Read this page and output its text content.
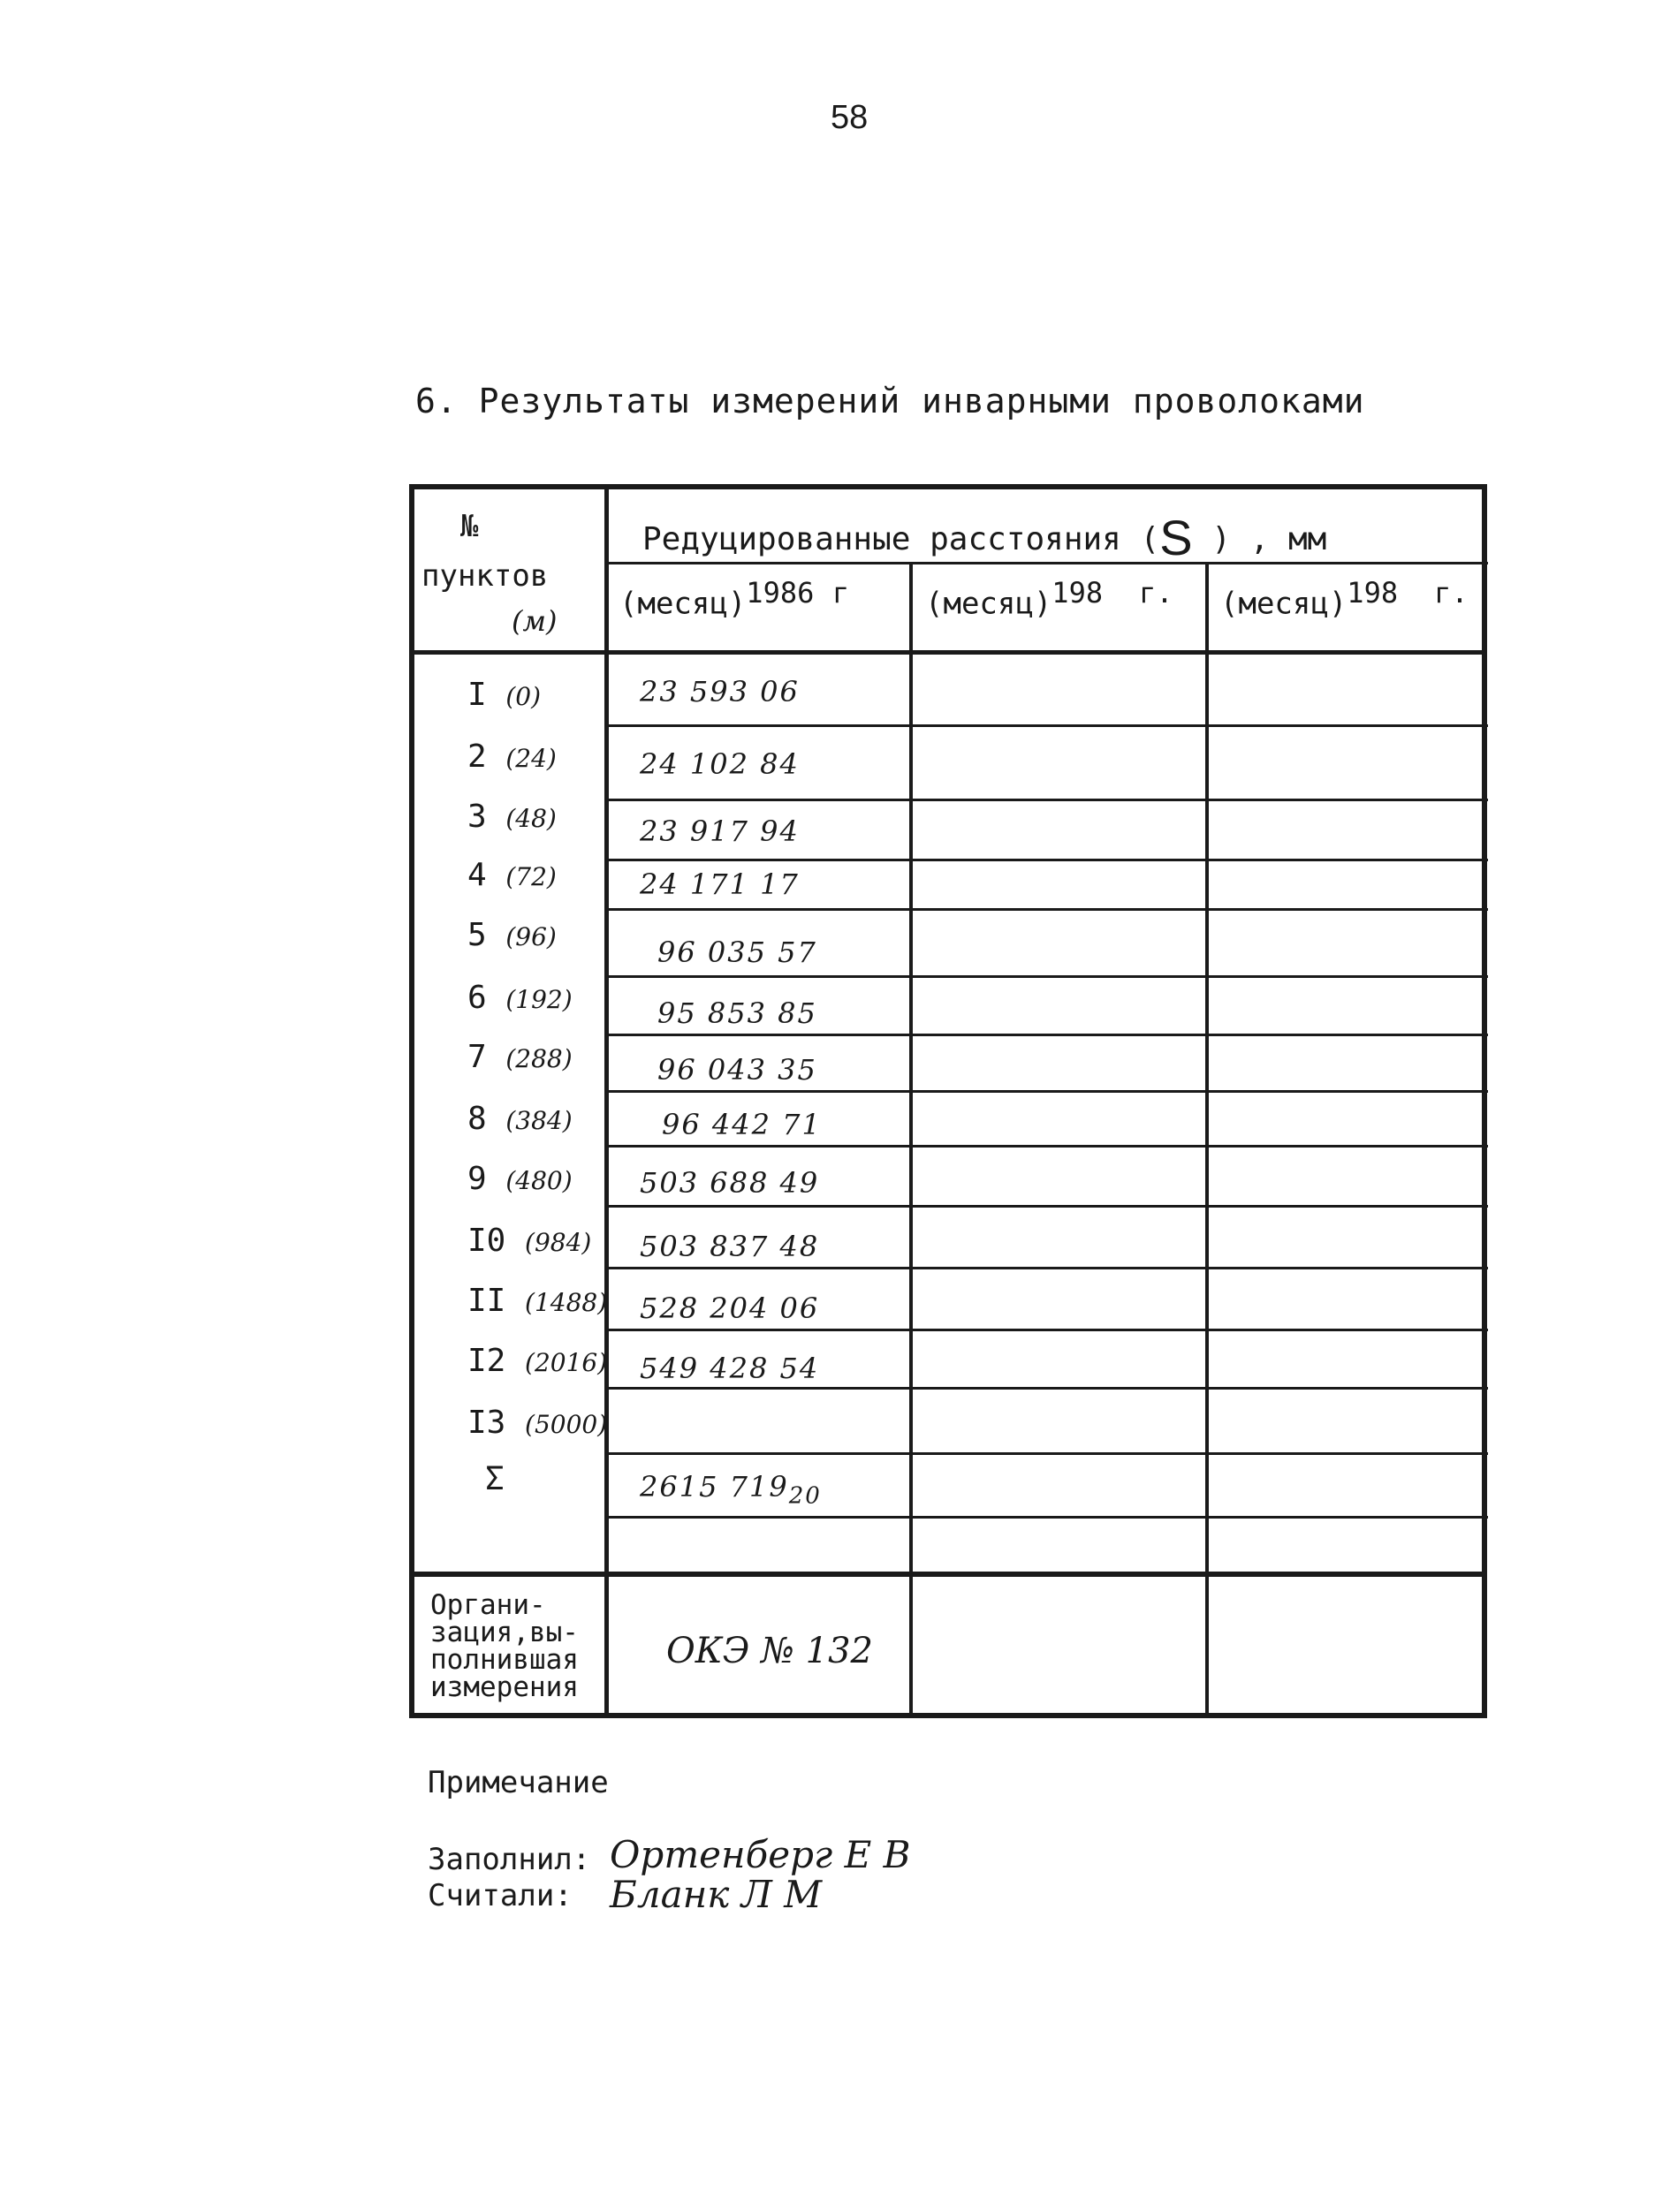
58
6. Результаты измерений инварными проволоками
№
пунктов
(м)
Редуцированные расстояния (S ) , мм
(месяц)$^{1986}$ $^г$	(месяц)$^{198}$ $^{г.}$ (месяц)$^{198}$ $^{г.}$
I (0)
2 (24)
3 (48)
4 (72)
5 (96)
6 (192)
7 (288)
8 (384)
9 (480)
I0 (984)
II (1488)
I2 (2016)
I3 (5000)
Σ
23 593 06
24 102 84
23 917 94
24 171 17
96 035 57
95 853 85
96 043 35
96 442 71
503 688 49
503 837 48
528 204 06
549 428 54
2615 $719_{20}$
Органи-
зация,вы-
полнившая
измерения
ОКЭ № 132
Примечание
Заполнил: Ортенберг Е В
Считали: Бланк Л М
